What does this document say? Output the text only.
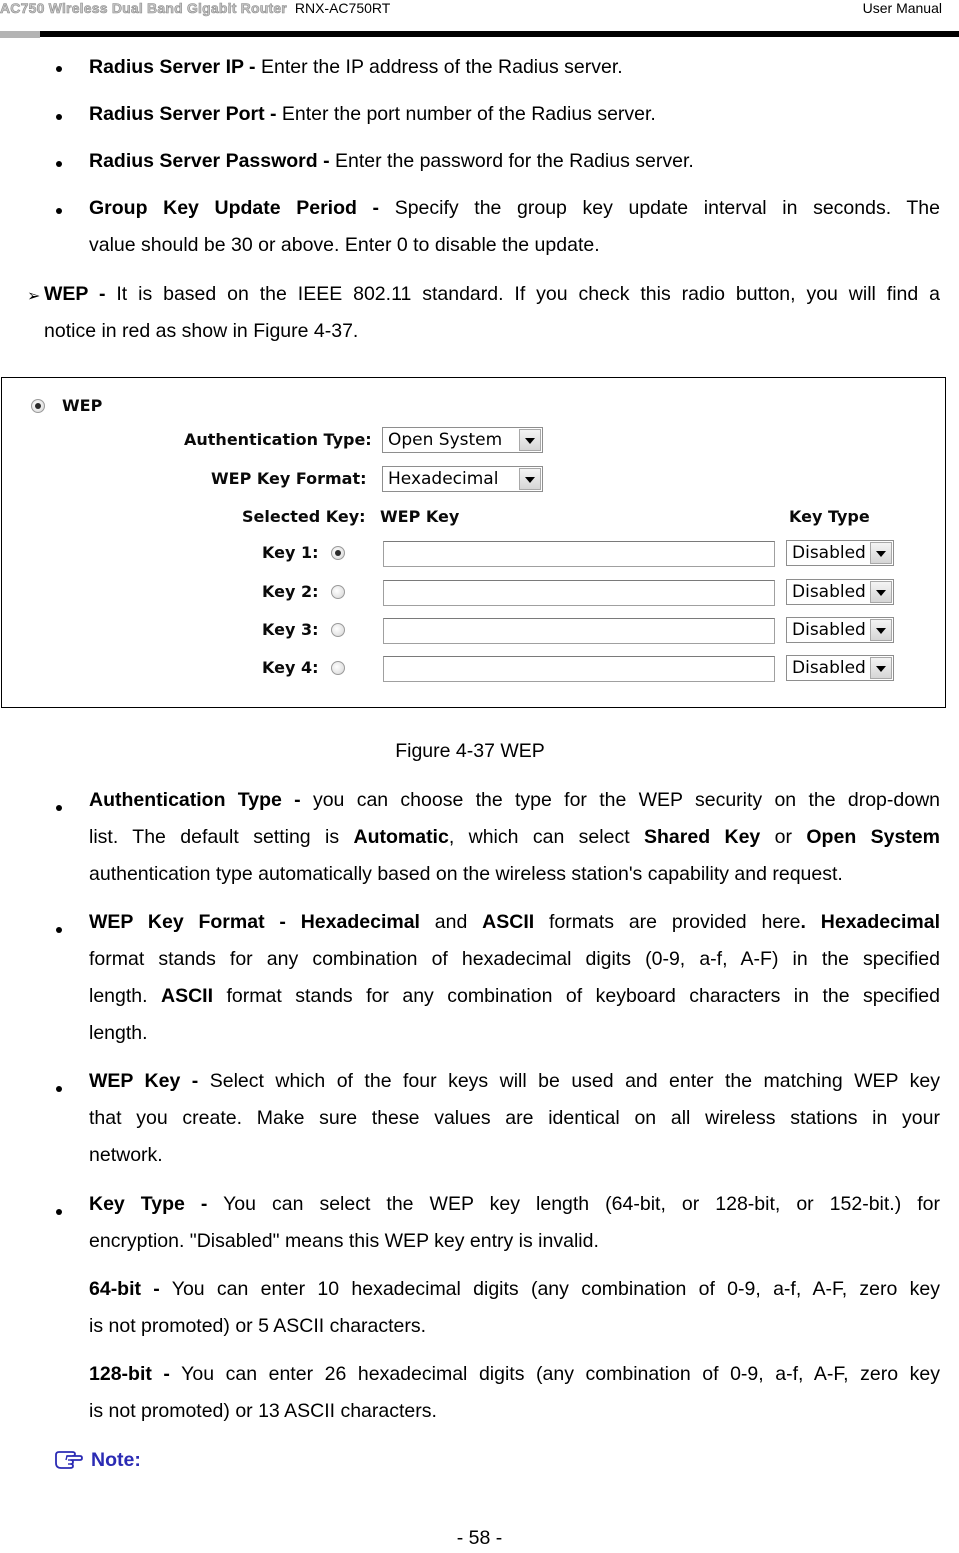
AC750 Wireless Dual Band Gigabit Router RNX-AC750RT	User Manual
Radius Server IP - Enter the IP address of the Radius server.
Radius Server Port - Enter the port number of the Radius server.
Radius Server Password - Enter the password for the Radius server.
Group Key Update Period - Specify the group key update interval in seconds. The
value should be 30 or above. Enter 0 to disable the update.
➢ WEP - It is based on the IEEE 802.11 standard. If you check this radio button, you will find a
notice in red as show in Figure 4-37.
WEP
Authentication Type: Open System
WEP Key Format: Hexadecimal
Selected Key: WEP Key	Key Type
Key 1:	Disabled
Key 2:	Disabled
Key 3:	Disabled
Key 4:	Disabled
Figure 4-37 WEP
Authentication Type - you can choose the type for the WEP security on the drop-down
list. The default setting is Automatic, which can select Shared Key or Open System
authentication type automatically based on the wireless station's capability and request.
WEP Key Format - Hexadecimal and ASCII formats are provided here. Hexadecimal
format stands for any combination of hexadecimal digits (0-9, a-f, A-F) in the specified
length. ASCII format stands for any combination of keyboard characters in the specified
length.
WEP Key - Select which of the four keys will be used and enter the matching WEP key
that you create. Make sure these values are identical on all wireless stations in your
network.
Key Type - You can select the WEP key length (64-bit, or 128-bit, or 152-bit.) for
encryption. "Disabled" means this WEP key entry is invalid.
64-bit - You can enter 10 hexadecimal digits (any combination of 0-9, a-f, A-F, zero key
is not promoted) or 5 ASCII characters.
128-bit - You can enter 26 hexadecimal digits (any combination of 0-9, a-f, A-F, zero key
is not promoted) or 13 ASCII characters.
Note:
- 58 -
